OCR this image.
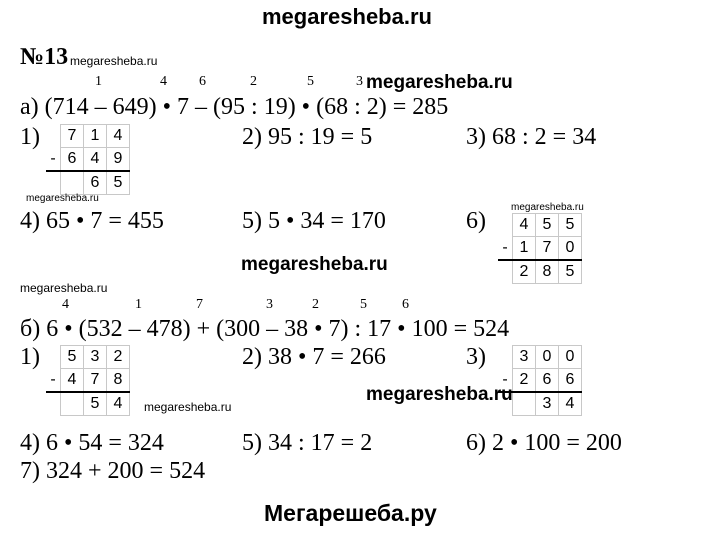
megaresheba.ru
№13 megaresheba.ru
1	4 6	2	5	3 megaresheba.ru
а) (714 – 649) • 7 – (95 : 19) • (68 : 2) = 285
1)
	7	1	4
-	6	4	9
		6	5
megaresheba.ru
2) 95 : 19 = 5	3) 68 : 2 = 34
4) 65 • 7 = 455	5) 5 • 34 = 170	6)
megaresheba.ru
	4	5	5
-	1	7	0
	2	8	5
megaresheba.ru
megaresheba.ru
4	1	7	3	2	5	6
б) 6 • (532 – 478) + (300 – 38 • 7) : 17 • 100 = 524
1)
	5	3	2
-	4	7	8
		5	4 megaresheba.ru
2) 38 • 7 = 266	3)
	3	0	0
-	2	6	6
		3	4
megaresheba.ru
4) 6 • 54 = 324	5) 34 : 17 = 2	6) 2 • 100 = 200
7) 324 + 200 = 524
Мегарешеба.ру
